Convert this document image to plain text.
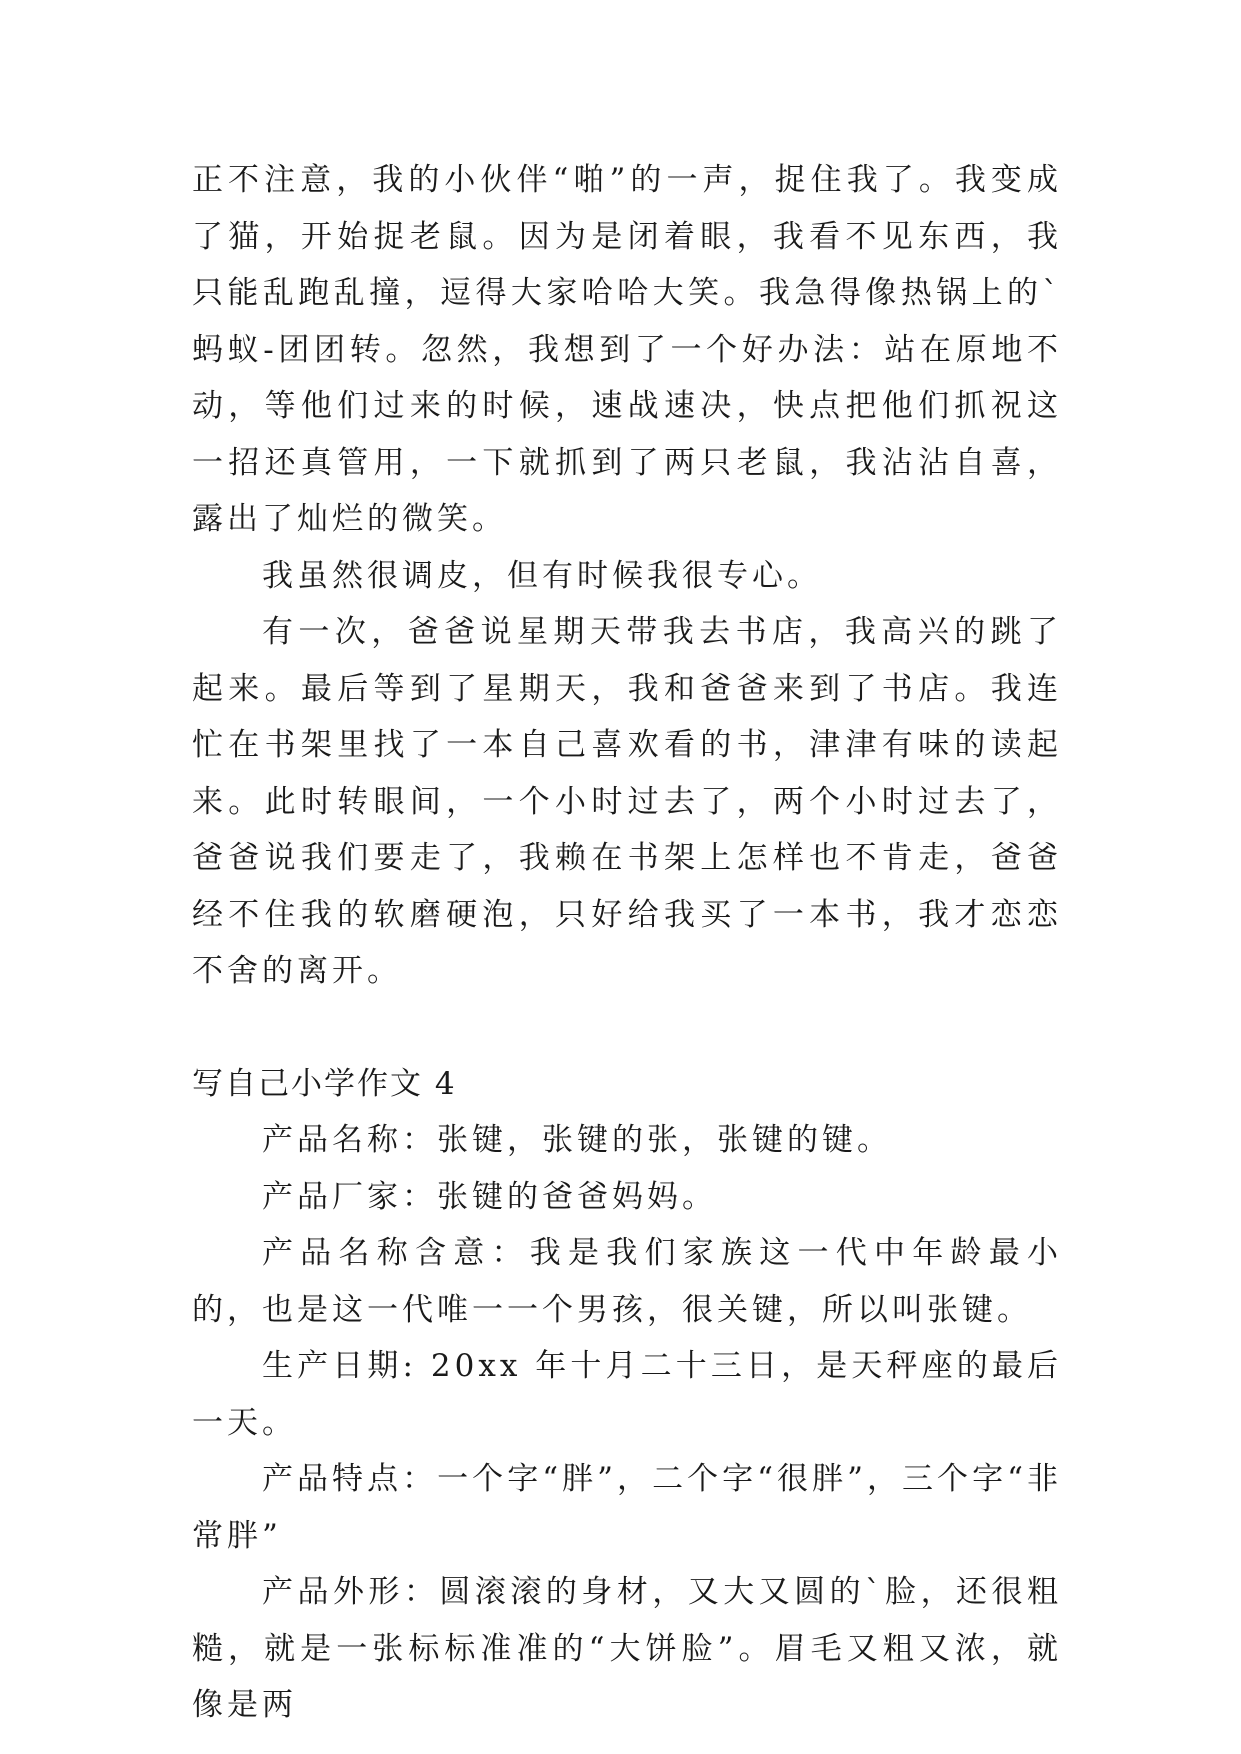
正不注意，我的小伙伴“啪”的一声，捉住我了。我变成了猫，开始捉老鼠。因为是闭着眼，我看不见东西，我只能乱跑乱撞，逗得大家哈哈大笑。我急得像热锅上的`蚂蚁-团团转。忽然，我想到了一个好办法：站在原地不动，等他们过来的时候，速战速决，快点把他们抓祝这一招还真管用，一下就抓到了两只老鼠，我沾沾自喜，露出了灿烂的微笑。

我虽然很调皮，但有时候我很专心。

有一次，爸爸说星期天带我去书店，我高兴的跳了起来。最后等到了星期天，我和爸爸来到了书店。我连忙在书架里找了一本自己喜欢看的书，津津有味的读起来。此时转眼间，一个小时过去了，两个小时过去了，爸爸说我们要走了，我赖在书架上怎样也不肯走，爸爸经不住我的软磨硬泡，只好给我买了一本书，我才恋恋不舍的离开。

写自己小学作文 4

产品名称：张键，张键的张，张键的键。

产品厂家：张键的爸爸妈妈。

产品名称含意：我是我们家族这一代中年龄最小的，也是这一代唯一一个男孩，很关键，所以叫张键。

生产日期: 20xx 年十月二十三日，是天秤座的最后一天。

产品特点：一个字“胖”，二个字“很胖”，三个字“非常胖”

产品外形：圆滚滚的身材，又大又圆的`脸，还很粗糙，就是一张标标准准的“大饼脸”。眉毛又粗又浓，就像是两
